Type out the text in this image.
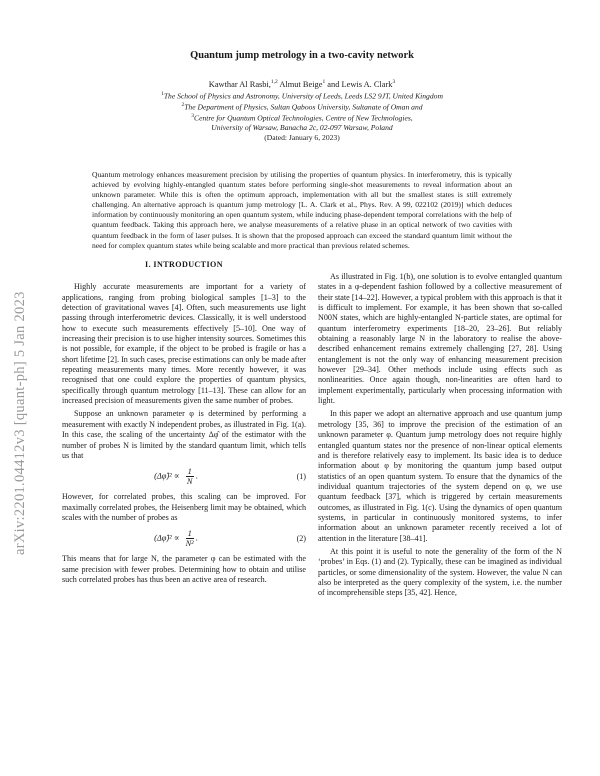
arXiv:2201.04412v3 [quant-ph] 5 Jan 2023

Quantum jump metrology in a two-cavity network

Kawthar Al Rasbi,$^{1,2}$ Almut Beige$^1$ and Lewis A. Clark$^3$

$^1$The School of Physics and Astronomy, University of Leeds, Leeds LS2 9JT, United Kingdom

$^2$The Department of Physics, Sultan Qaboos University, Sultanate of Oman and

$^3$Centre for Quantum Optical Technologies, Centre of New Technologies,

University of Warsaw, Banacha 2c, 02-097 Warsaw, Poland

(Dated: January 6, 2023)

Quantum metrology enhances measurement precision by utilising the properties of quantum physics. In interferometry, this is typically achieved by evolving highly-entangled quantum states before performing single-shot measurements to reveal information about an unknown parameter. While this is often the optimum approach, implementation with all but the smallest states is still extremely challenging. An alternative approach is quantum jump metrology [L. A. Clark et al., Phys. Rev. A 99, 022102 (2019)] which deduces information by continuously monitoring an open quantum system, while inducing phase-dependent temporal correlations with the help of quantum feedback. Taking this approach here, we analyse measurements of a relative phase in an optical network of two cavities with quantum feedback in the form of laser pulses. It is shown that the proposed approach can exceed the standard quantum limit without the need for complex quantum states while being scalable and more practical than previous related schemes.

I. INTRODUCTION

Highly accurate measurements are important for a variety of applications, ranging from probing biological samples [1–3] to the detection of gravitational waves [4]. Often, such measurements use light passing through interferometric devices. Classically, it is well understood how to execute such measurements effectively [5–10]. One way of increasing their precision is to use higher intensity sources. Sometimes this is not possible, for example, if the object to be probed is fragile or has a short lifetime [2]. In such cases, precise estimations can only be made after repeating measurements many times. More recently however, it was recognised that one could explore the properties of quantum physics, specifically through quantum metrology [11–13]. These can allow for an increased precision of measurements given the same number of probes.

Suppose an unknown parameter φ is determined by performing a measurement with exactly N independent probes, as illustrated in Fig. 1(a). In this case, the scaling of the uncertainty Δφ̂ of the estimator with the number of probes N is limited by the standard quantum limit, which tells us that

(Δφ̂)² ∝ $\frac{1}{N}$ .	(1)

However, for correlated probes, this scaling can be improved. For maximally correlated probes, the Heisenberg limit may be obtained, which scales with the number of probes as

(Δφ̂)² ∝ $\frac{1}{\text{N²}}$ .	(2)

This means that for large N, the parameter φ can be estimated with the same precision with fewer probes. Determining how to obtain and utilise such correlated probes has thus been an active area of research.

As illustrated in Fig. 1(b), one solution is to evolve entangled quantum states in a φ-dependent fashion followed by a collective measurement of their state [14–22]. However, a typical problem with this approach is that it is difficult to implement. For example, it has been shown that so-called N00N states, which are highly-entangled N-particle states, are optimal for quantum interferometry experiments [18–20, 23–26]. But reliably obtaining a reasonably large N in the laboratory to realise the above-described enhancement remains extremely challenging [27, 28]. Using entanglement is not the only way of enhancing measurement precision however [29–34]. Other methods include using effects such as nonlinearities. Once again though, non-linearities are often hard to implement experimentally, particularly when processing information with light.

In this paper we adopt an alternative approach and use quantum jump metrology [35, 36] to improve the precision of the estimation of an unknown parameter φ. Quantum jump metrology does not require highly entangled quantum states nor the presence of non-linear optical elements and is therefore relatively easy to implement. Its basic idea is to deduce information about φ by monitoring the quantum jump based output statistics of an open quantum system. To ensure that the dynamics of the individual quantum trajectories of the system depend on φ, we use quantum feedback [37], which is triggered by certain measurements outcomes, as illustrated in Fig. 1(c). Using the dynamics of open quantum systems, in particular in continuously monitored systems, to infer information about an unknown parameter recently received a lot of attention in the literature [38–41].

At this point it is useful to note the generality of the form of the N ‘probes’ in Eqs. (1) and (2). Typically, these can be imagined as individual particles, or some dimensionality of the system. However, the value N can also be interpreted as the query complexity of the system, i.e. the number of incomprehensible steps [35, 42]. Hence,
